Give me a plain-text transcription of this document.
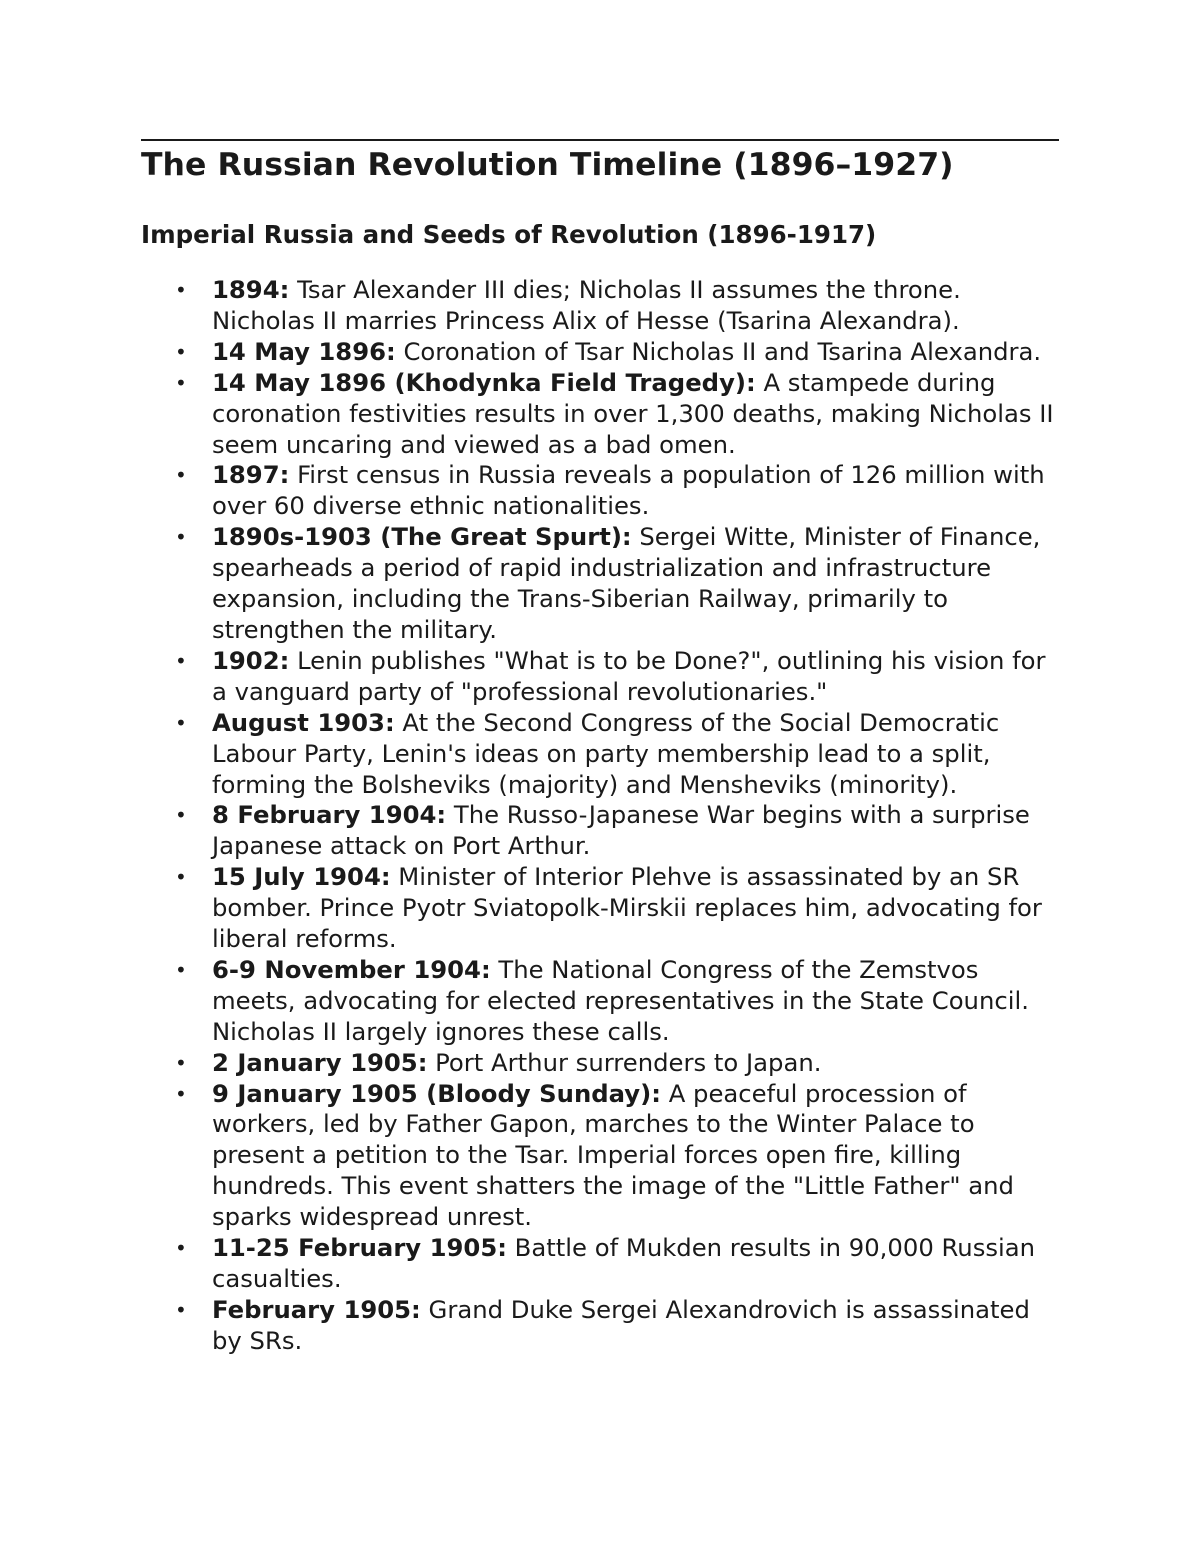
The Russian Revolution Timeline (1896–1927)
Imperial Russia and Seeds of Revolution (1896-1917)
• 1894: Tsar Alexander III dies; Nicholas II assumes the throne. Nicholas II marries Princess Alix of Hesse (Tsarina Alexandra).
• 14 May 1896: Coronation of Tsar Nicholas II and Tsarina Alexandra.
• 14 May 1896 (Khodynka Field Tragedy): A stampede during coronation festivities results in over 1,300 deaths, making Nicholas II seem uncaring and viewed as a bad omen.
• 1897: First census in Russia reveals a population of 126 million with over 60 diverse ethnic nationalities.
• 1890s-1903 (The Great Spurt): Sergei Witte, Minister of Finance, spearheads a period of rapid industrialization and infrastructure expansion, including the Trans-Siberian Railway, primarily to strengthen the military.
• 1902: Lenin publishes "What is to be Done?", outlining his vision for a vanguard party of "professional revolutionaries."
• August 1903: At the Second Congress of the Social Democratic Labour Party, Lenin's ideas on party membership lead to a split, forming the Bolsheviks (majority) and Mensheviks (minority).
• 8 February 1904: The Russo-Japanese War begins with a surprise Japanese attack on Port Arthur.
• 15 July 1904: Minister of Interior Plehve is assassinated by an SR bomber. Prince Pyotr Sviatopolk-Mirskii replaces him, advocating for liberal reforms.
• 6-9 November 1904: The National Congress of the Zemstvos meets, advocating for elected representatives in the State Council. Nicholas II largely ignores these calls.
• 2 January 1905: Port Arthur surrenders to Japan.
• 9 January 1905 (Bloody Sunday): A peaceful procession of workers, led by Father Gapon, marches to the Winter Palace to present a petition to the Tsar. Imperial forces open fire, killing hundreds. This event shatters the image of the "Little Father" and sparks widespread unrest.
• 11-25 February 1905: Battle of Mukden results in 90,000 Russian casualties.
• February 1905: Grand Duke Sergei Alexandrovich is assassinated by SRs.
